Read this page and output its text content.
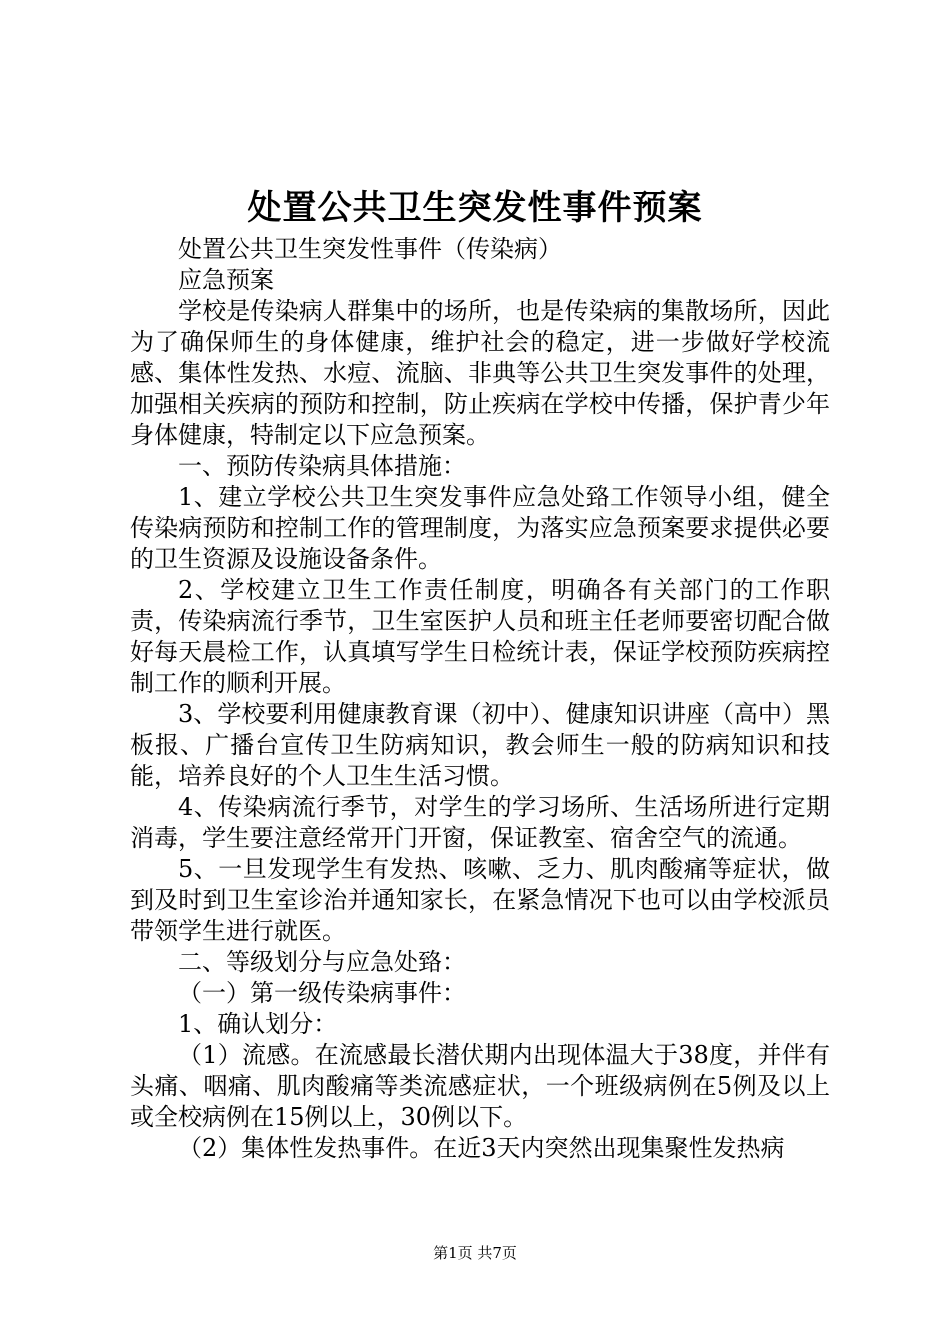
处置公共卫生突发性事件预案

处置公共卫生突发性事件（传染病）

应急预案

学校是传染病人群集中的场所，也是传染病的集散场所，因此为了确保师生的身体健康，维护社会的稳定，进一步做好学校流感、集体性发热、水痘、流脑、非典等公共卫生突发事件的处理，加强相关疾病的预防和控制，防止疾病在学校中传播，保护青少年身体健康，特制定以下应急预案。

一、预防传染病具体措施：

1、建立学校公共卫生突发事件应急处臵工作领导小组，健全传染病预防和控制工作的管理制度，为落实应急预案要求提供必要的卫生资源及设施设备条件。

2、学校建立卫生工作责任制度，明确各有关部门的工作职责，传染病流行季节，卫生室医护人员和班主任老师要密切配合做好每天晨检工作，认真填写学生日检统计表，保证学校预防疾病控制工作的顺利开展。

3、学校要利用健康教育课（初中）、健康知识讲座（高中）黑板报、广播台宣传卫生防病知识，教会师生一般的防病知识和技能，培养良好的个人卫生生活习惯。

4、传染病流行季节，对学生的学习场所、生活场所进行定期消毒，学生要注意经常开门开窗，保证教室、宿舍空气的流通。

5、一旦发现学生有发热、咳嗽、乏力、肌肉酸痛等症状，做到及时到卫生室诊治并通知家长，在紧急情况下也可以由学校派员带领学生进行就医。

二、等级划分与应急处臵：

（一）第一级传染病事件：

1、确认划分：

（1）流感。在流感最长潜伏期内出现体温大于38度，并伴有头痛、咽痛、肌肉酸痛等类流感症状，一个班级病例在5例及以上或全校病例在15例以上，30例以下。

（2）集体性发热事件。在近3天内突然出现集聚性发热病

第1页 共7页
